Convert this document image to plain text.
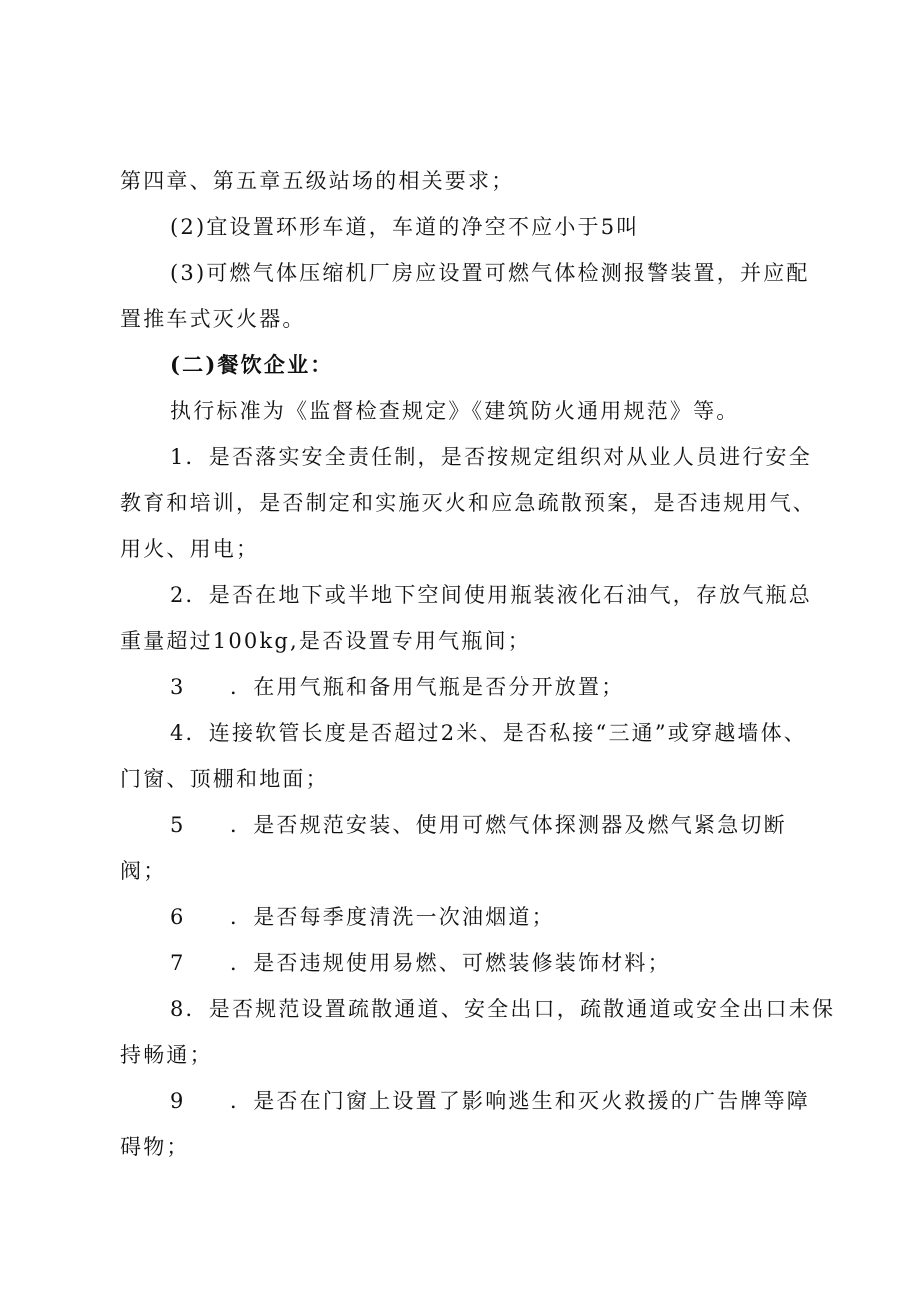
第四章、第五章五级站场的相关要求；
(2)宜设置环形车道，车道的净空不应小于5叫
(3)可燃气体压缩机厂房应设置可燃气体检测报警装置，并应配
置推车式灭火器。
(二)餐饮企业：
执行标准为《监督检查规定》《建筑防火通用规范》等。
1．是否落实安全责任制，是否按规定组织对从业人员进行安全
教育和培训，是否制定和实施灭火和应急疏散预案，是否违规用气、
用火、用电；
2．是否在地下或半地下空间使用瓶装液化石油气，存放气瓶总
重量超过100kg,是否设置专用气瓶间；
3 ．在用气瓶和备用气瓶是否分开放置；
4．连接软管长度是否超过2米、是否私接“三通”或穿越墙体、
门窗、顶棚和地面；
5 ．是否规范安装、使用可燃气体探测器及燃气紧急切断
阀；
6 ．是否每季度清洗一次油烟道；
7 ．是否违规使用易燃、可燃装修装饰材料；
8．是否规范设置疏散通道、安全出口，疏散通道或安全出口未保
持畅通；
9 ．是否在门窗上设置了影响逃生和灭火救援的广告牌等障
碍物；
